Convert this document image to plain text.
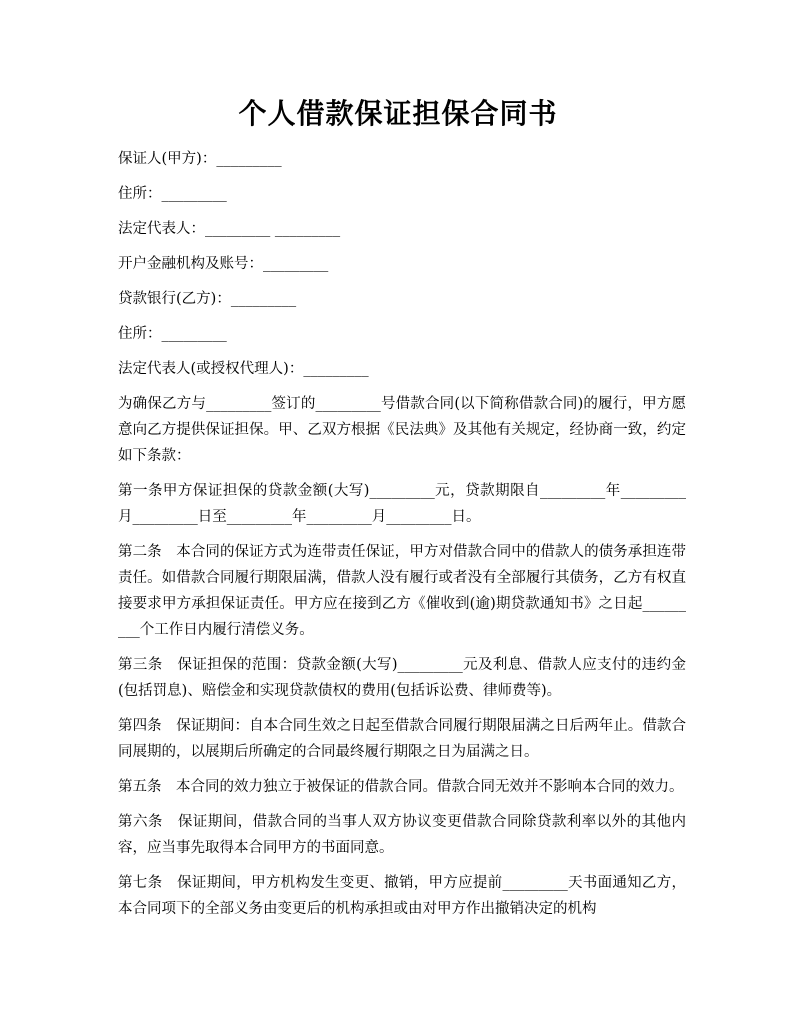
个人借款保证担保合同书

保证人(甲方)：_________

住所：_________

法定代表人：_________ _________

开户金融机构及账号：_________

贷款银行(乙方)：_________

住所：_________

法定代表人(或授权代理人)：_________

为确保乙方与_________签订的_________号借款合同(以下简称借款合同)的履行，甲方愿意向乙方提供保证担保。甲、乙双方根据《民法典》及其他有关规定，经协商一致，约定如下条款：

第一条甲方保证担保的贷款金额(大写)_________元，贷款期限自_________年_________月_________日至_________年_________月_________日。

第二条　本合同的保证方式为连带责任保证，甲方对借款合同中的借款人的债务承担连带责任。如借款合同履行期限届满，借款人没有履行或者没有全部履行其债务，乙方有权直接要求甲方承担保证责任。甲方应在接到乙方《催收到(逾)期贷款通知书》之日起_________个工作日内履行清偿义务。

第三条　保证担保的范围：贷款金额(大写)_________元及利息、借款人应支付的违约金(包括罚息)、赔偿金和实现贷款债权的费用(包括诉讼费、律师费等)。

第四条　保证期间：自本合同生效之日起至借款合同履行期限届满之日后两年止。借款合同展期的，以展期后所确定的合同最终履行期限之日为届满之日。

第五条　本合同的效力独立于被保证的借款合同。借款合同无效并不影响本合同的效力。

第六条　保证期间，借款合同的当事人双方协议变更借款合同除贷款利率以外的其他内容，应当事先取得本合同甲方的书面同意。

第七条　保证期间，甲方机构发生变更、撤销，甲方应提前_________天书面通知乙方，本合同项下的全部义务由变更后的机构承担或由对甲方作出撤销决定的机构
